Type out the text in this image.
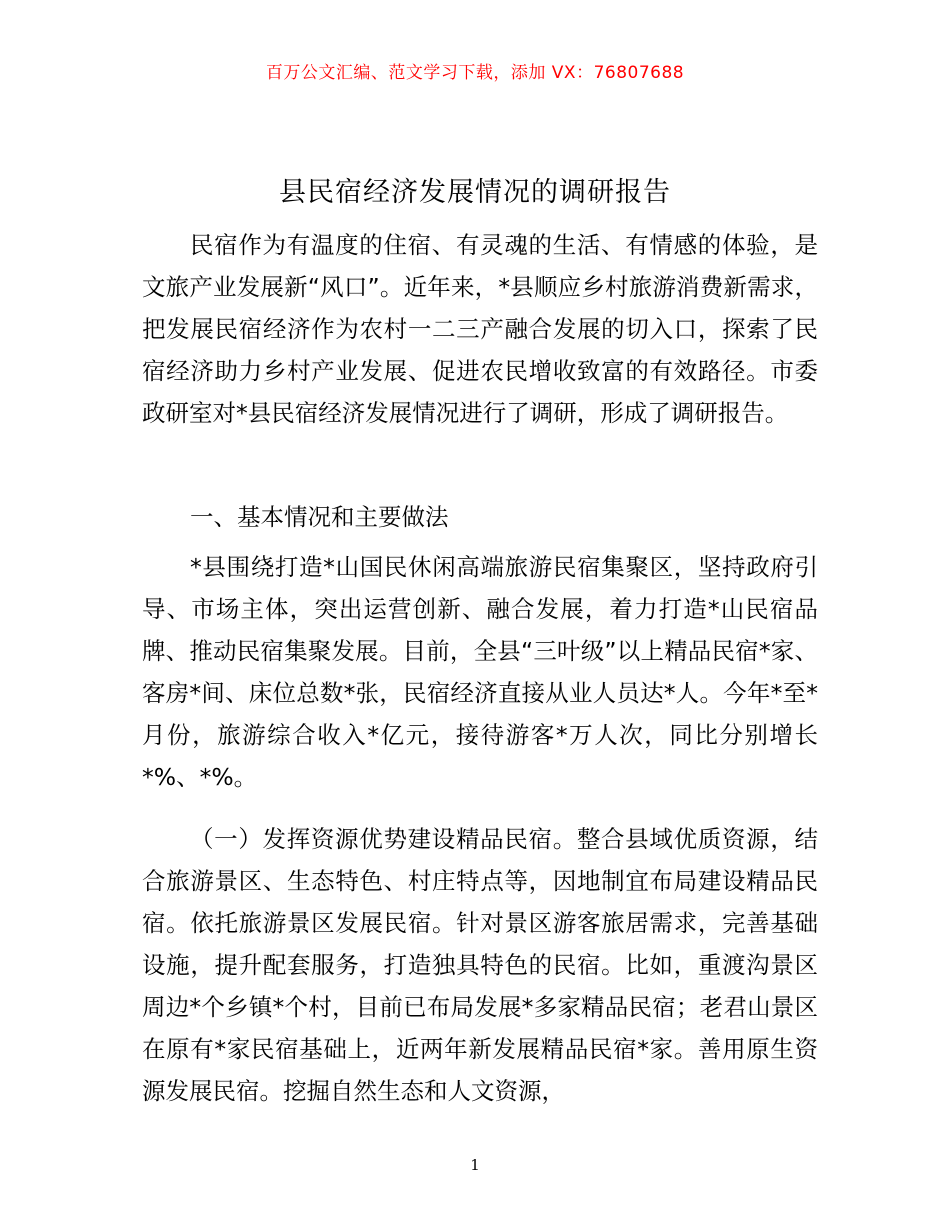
百万公文汇编、范文学习下载，添加 VX：76807688
县民宿经济发展情况的调研报告

民宿作为有温度的住宿、有灵魂的生活、有情感的体验，是文旅产业发展新“风口”。近年来，*县顺应乡村旅游消费新需求，把发展民宿经济作为农村一二三产融合发展的切入口，探索了民宿经济助力乡村产业发展、促进农民增收致富的有效路径。市委政研室对*县民宿经济发展情况进行了调研，形成了调研报告。

一、基本情况和主要做法

*县围绕打造*山国民休闲高端旅游民宿集聚区，坚持政府引导、市场主体，突出运营创新、融合发展，着力打造*山民宿品牌、推动民宿集聚发展。目前，全县“三叶级”以上精品民宿*家、客房*间、床位总数*张，民宿经济直接从业人员达*人。今年*至*月份，旅游综合收入*亿元，接待游客*万人次，同比分别增长*%、*%。

（一）发挥资源优势建设精品民宿。整合县域优质资源，结合旅游景区、生态特色、村庄特点等，因地制宜布局建设精品民宿。依托旅游景区发展民宿。针对景区游客旅居需求，完善基础设施，提升配套服务，打造独具特色的民宿。比如，重渡沟景区周边*个乡镇*个村，目前已布局发展*多家精品民宿；老君山景区在原有*家民宿基础上，近两年新发展精品民宿*家。善用原生资源发展民宿。挖掘自然生态和人文资源，

1
